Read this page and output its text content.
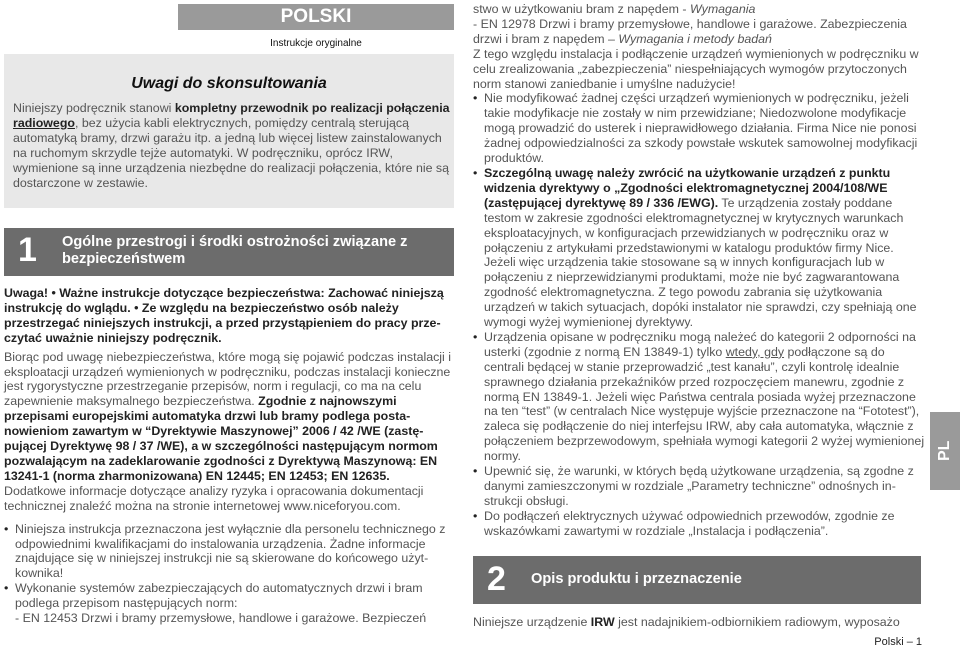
POLSKI
Instrukcje oryginalne
Uwagi do skonsultowania

Niniejszy podręcznik stanowi kompletny przewodnik po realizacji połączenia radiowego, bez użycia kabli elektrycznych, pomiędzy centralą sterującą automatyką bramy, drzwi garażu itp. a jedną lub więcej listew zainstalowanych na ruchomym skrzydle tejże automatyki. W podręczniku, oprócz IRW, wymienione są inne urządzenia niezbędne do realizacji połączenia, które nie są dostarczone w zestawie.

1 Ogólne przestrogi i środki ostrożności związane z bezpieczeństwem

Uwaga! • Ważne instrukcje dotyczące bezpieczeństwa: Zachować niniejszą instrukcję do wglądu. • Ze względu na bezpieczeństwo osób należy przestrzegać niniejszych instrukcji, a przed przystąpieniem do pracy przeczytać uważnie niniejszy podręcznik.

Biorąc pod uwagę niebezpieczeństwa, które mogą się pojawić podczas instalacji i eksploatacji urządzeń wymienionych w podręczniku, podczas instalacji konieczne jest rygorystyczne przestrzeganie przepisów, norm i regulacji, co ma na celu zapewnienie maksymalnego bezpieczeństwa. Zgodnie z najnowszymi przepisami europejskimi automatyka drzwi lub bramy podlega postanowieniom zawartym w “Dyrektywie Maszynowej” 2006 / 42 /WE (zastępującej Dyrektywę 98 / 37 /WE), a w szczególności następującym normom pozwalającym na zadeklarowanie zgodności z Dyrektywą Maszynową: EN 13241-1 (norma zharmonizowana) EN 12445; EN 12453; EN 12635. Dodatkowe informacje dotyczące analizy ryzyka i opracowania dokumentacji technicznej znaleźć można na stronie internetowej www.niceforyou.com.

• Niniejsza instrukcja przeznaczona jest wyłącznie dla personelu technicznego z odpowiednimi kwalifikacjami do instalowania urządzenia. Żadne informacje znajdujące się w niniejszej instrukcji nie są skierowane do końcowego użytkownika!
• Wykonanie systemów zabezpieczających do automatycznych drzwi i bram podlega przepisom następujących norm:
- EN 12453 Drzwi i bramy przemysłowe, handlowe i garażowe. Bezpieczeń

stwo w użytkowaniu bram z napędem - Wymagania
- EN 12978 Drzwi i bramy przemysłowe, handlowe i garażowe. Zabezpieczenia drzwi i bram z napędem – Wymagania i metody badań
Z tego względu instalacja i podłączenie urządzeń wymienionych w podręczniku w celu zrealizowania „zabezpieczenia” niespełniających wymogów przytoczonych norm stanowi zaniedbanie i umyślne nadużycie!

• Nie modyfikować żadnej części urządzeń wymienionych w podręczniku, jeżeli takie modyfikacje nie zostały w nim przewidziane; Niedozwolone modyfikacje mogą prowadzić do usterek i nieprawidłowego działania. Firma Nice nie ponosi żadnej odpowiedzialności za szkody powstałe wskutek samowolnej modyfikacji produktów.
• Szczególną uwagę należy zwrócić na użytkowanie urządzeń z punktu widzenia dyrektywy o „Zgodności elektromagnetycznej 2004/108/WE (zastępującej dyrektywę 89 / 336 /EWG). Te urządzenia zostały poddane testom w zakresie zgodności elektromagnetycznej w krytycznych warunkach eksploatacyjnych, w konfiguracjach przewidzianych w podręczniku oraz w połączeniu z artykułami przedstawionymi w katalogu produktów firmy Nice. Jeżeli więc urządzenia takie stosowane są w innych konfiguracjach lub w połączeniu z nieprzewidzianymi produktami, może nie być zagwarantowana zgodność elektromagnetyczna. Z tego powodu zabrania się użytkowania urządzeń w takich sytuacjach, dopóki instalator nie sprawdzi, czy spełniają one wymogi wyżej wymienionej dyrektywy.
• Urządzenia opisane w podręczniku mogą należeć do kategorii 2 odporności na usterki (zgodnie z normą EN 13849-1) tylko wtedy, gdy podłączone są do centrali będącej w stanie przeprowadzić „test kanału”, czyli kontrolę idealnie sprawnego działania przekaźników przed rozpoczęciem manewru, zgodnie z normą EN 13849-1. Jeżeli więc Państwa centrala posiada wyżej przeznaczone na ten “test” (w centralach Nice występuje wyjście przeznaczone na “Fototest”), zaleca się podłączenie do niej interfejsu IRW, aby cała automatyka, włącznie z połączeniem bezprzewodowym, spełniała wymogi kategorii 2 wyżej wymienionej normy.
• Upewnić się, że warunki, w których będą użytkowane urządzenia, są zgodne z danymi zamieszczonymi w rozdziale „Parametry techniczne” odnośnych instrukcji obsługi.
• Do podłączeń elektrycznych używać odpowiednich przewodów, zgodnie ze wskazówkami zawartymi w rozdziale „Instalacja i podłączenia”.
PL
2 Opis produktu i przeznaczenie

Niniejsze urządzenie IRW jest nadajnikiem-odbiornikiem radiowym, wyposażo

Polski – 1
